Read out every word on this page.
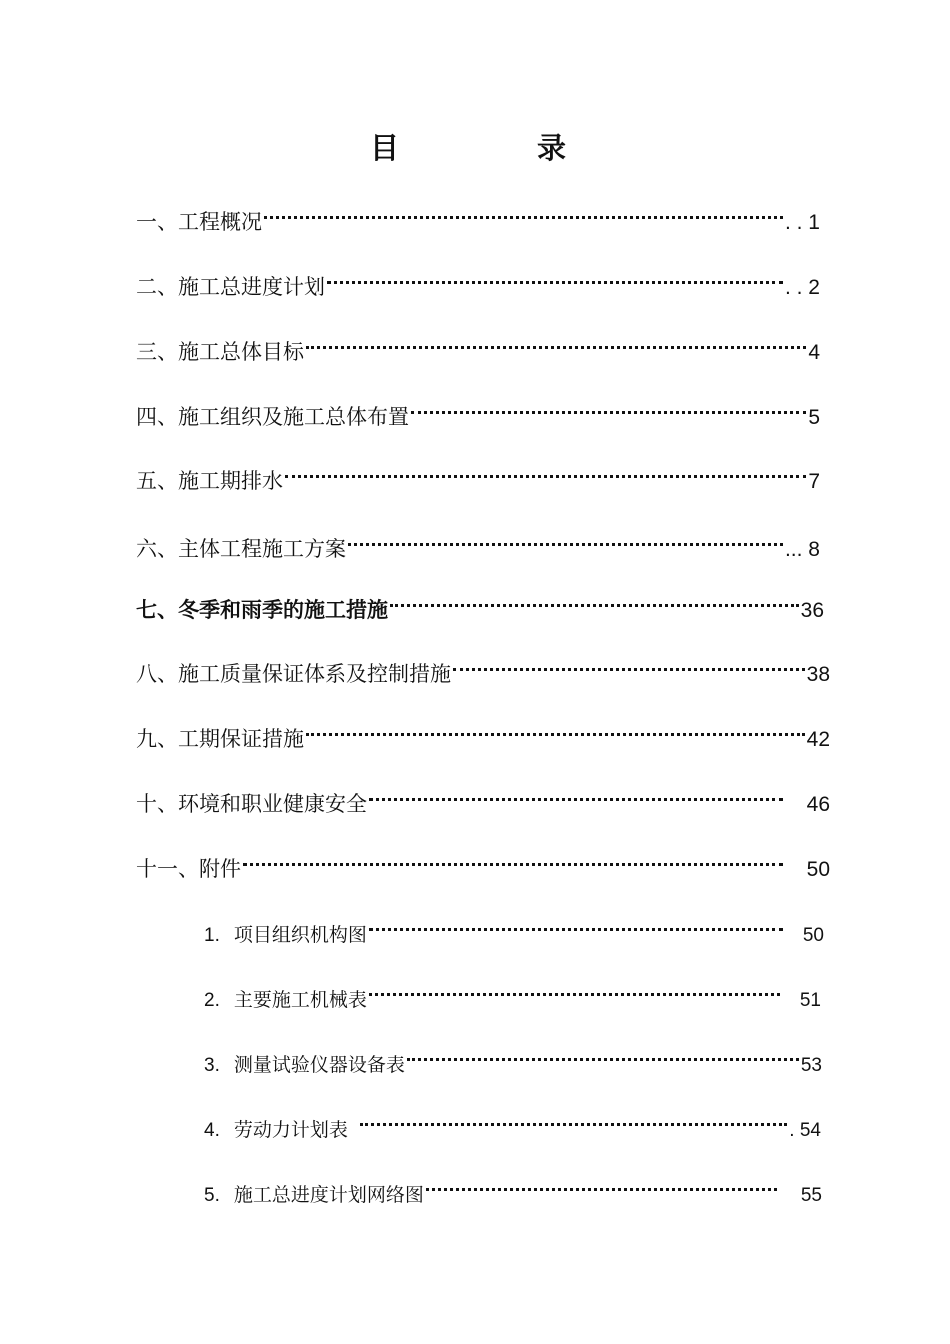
目 录
一、工程概况	. . 1
二、施工总进度计划	. . 2
三、施工总体目标	4
四、施工组织及施工总体布置	5
五、施工期排水	7
六、主体工程施工方案	... 8
七、冬季和雨季的施工措施	36
八、施工质量保证体系及控制措施	38
九、工期保证措施	42
十、环境和职业健康安全	46
十一、附件	50
1. 项目组织机构图	50
2. 主要施工机械表	51
3. 测量试验仪器设备表	53
4. 劳动力计划表	. 54
5. 施工总进度计划网络图	55
